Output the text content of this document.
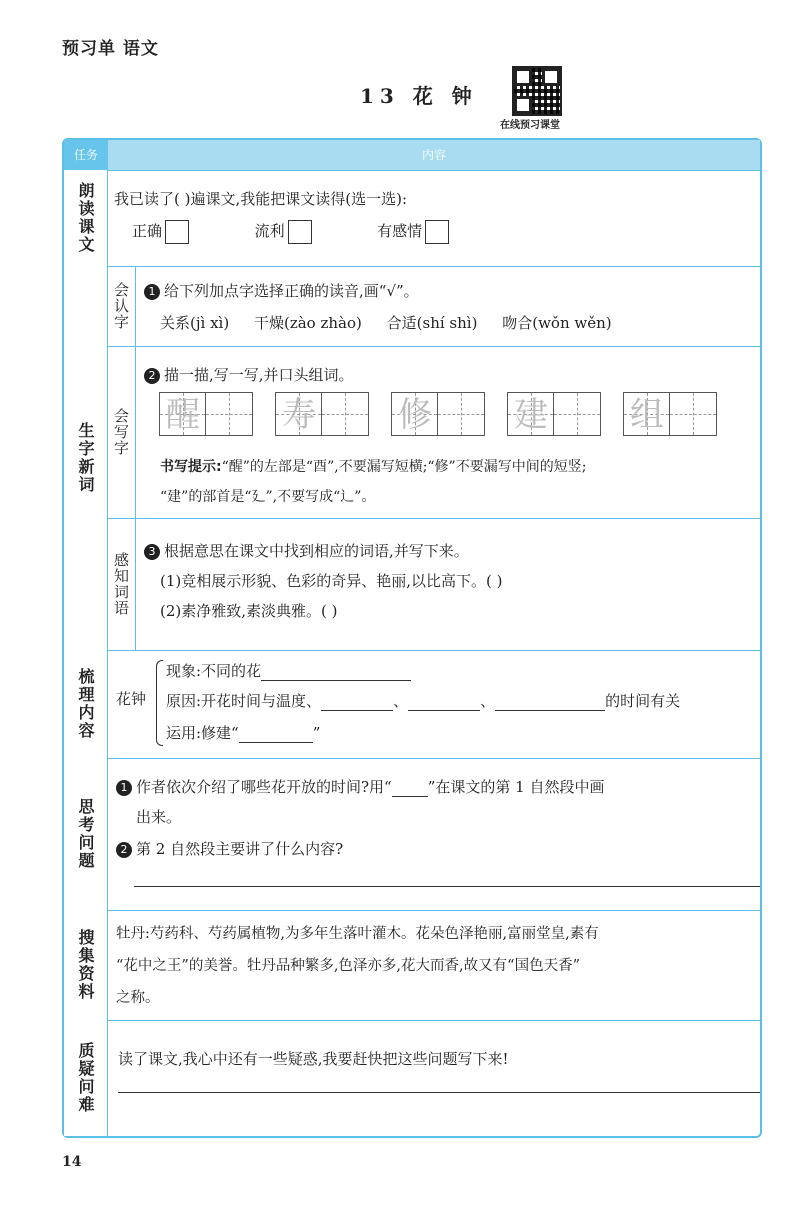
预习单 语文
13 花 钟
在线预习课堂
任务	内容
朗读课文 我已读了( )遍课文,我能把课文读得(选一选):
正确	流利	有感情
生字新词
会认字	1 给下列加点字选择正确的读音,画“√”。
关系(jì xì) 干燥(zào zhào) 合适(shí shì) 吻合(wǒn wěn)
会写字
2 描一描,写一写,并口头组词。
醒 寿 修 建 组
书写提示:“醒”的左部是“酉”,不要漏写短横;“修”不要漏写中间的短竖;
“建”的部首是“廴”,不要写成“辶”。
感知词语
3 根据意思在课文中找到相应的词语,并写下来。
(1)竞相展示形貌、色彩的奇异、艳丽,以比高下。( )
(2)素净雅致,素淡典雅。( )
梳理内容 花钟
现象:不同的花
原因:开花时间与温度、	、	、	的时间有关
运用:修建“	”
思考问题
1 作者依次介绍了哪些花开放的时间?用“ ”在课文的第 1 自然段中画
出来。
2 第 2 自然段主要讲了什么内容?
搜集资料 牡丹:芍药科、芍药属植物,为多年生落叶灌木。花朵色泽艳丽,富丽堂皇,素有
“花中之王”的美誉。牡丹品种繁多,色泽亦多,花大而香,故又有“国色天香”
之称。
质疑问难 读了课文,我心中还有一些疑惑,我要赶快把这些问题写下来!
14
